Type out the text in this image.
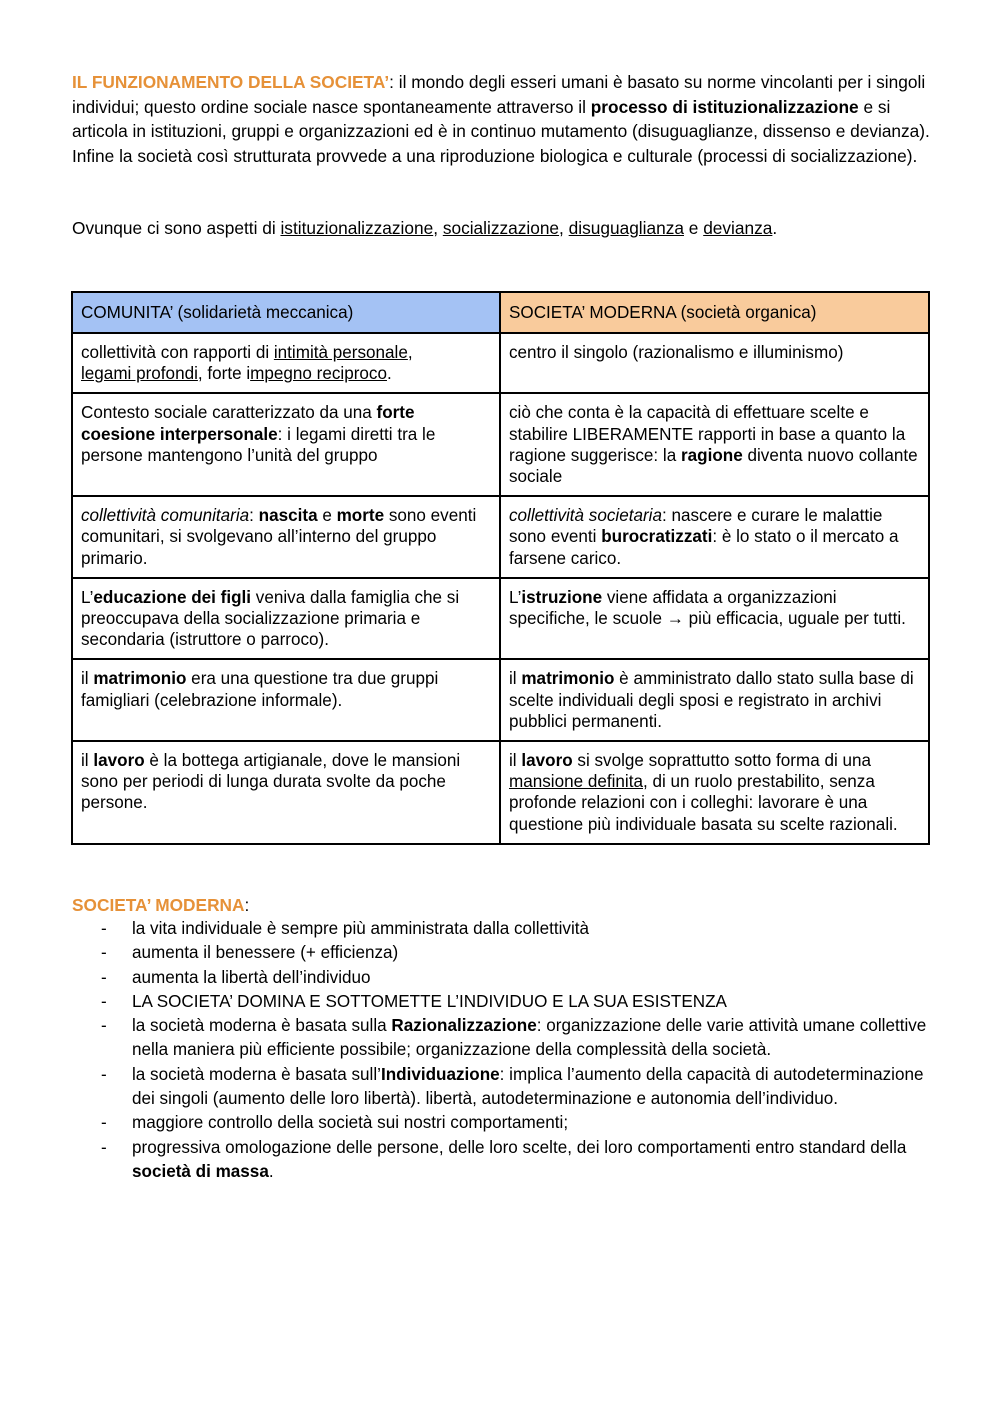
IL FUNZIONAMENTO DELLA SOCIETA’: il mondo degli esseri umani è basato su norme vincolanti per i singoli individui; questo ordine sociale nasce spontaneamente attraverso il processo di istituzionalizzazione e si articola in istituzioni, gruppi e organizzazioni ed è in continuo mutamento (disuguaglianze, dissenso e devianza). Infine la società così strutturata provvede a una riproduzione biologica e culturale (processi di socializzazione).

Ovunque ci sono aspetti di istituzionalizzazione, socializzazione, disuguaglianza e devianza.

COMUNITA’ (solidarietà meccanica)	SOCIETA’ MODERNA (società organica)
collettività con rapporti di intimità personale,
legami profondi, forte impegno reciproco.	centro il singolo (razionalismo e illuminismo)
Contesto sociale caratterizzato da una forte coesione interpersonale: i legami diretti tra le persone mantengono l’unità del gruppo	ciò che conta è la capacità di effettuare scelte e stabilire LIBERAMENTE rapporti in base a quanto la ragione suggerisce: la ragione diventa nuovo collante sociale
collettività comunitaria: nascita e morte sono eventi comunitari, si svolgevano all’interno del gruppo primario.	collettività societaria: nascere e curare le malattie sono eventi burocratizzati: è lo stato o il mercato a farsene carico.
L’educazione dei figli veniva dalla famiglia che si preoccupava della socializzazione primaria e secondaria (istruttore o parroco).	L’istruzione viene affidata a organizzazioni specifiche, le scuole → più efficacia, uguale per tutti.
il matrimonio era una questione tra due gruppi famigliari (celebrazione informale).	il matrimonio è amministrato dallo stato sulla base di scelte individuali degli sposi e registrato in archivi pubblici permanenti.
il lavoro è la bottega artigianale, dove le mansioni sono per periodi di lunga durata svolte da poche persone.	il lavoro si svolge soprattutto sotto forma di una mansione definita, di un ruolo prestabilito, senza profonde relazioni con i colleghi: lavorare è una questione più individuale basata su scelte razionali.

SOCIETA’ MODERNA:

- la vita individuale è sempre più amministrata dalla collettività
- aumenta il benessere (+ efficienza)
- aumenta la libertà dell’individuo
- LA SOCIETA’ DOMINA E SOTTOMETTE L’INDIVIDUO E LA SUA ESISTENZA
- la società moderna è basata sulla Razionalizzazione: organizzazione delle varie attività umane collettive nella maniera più efficiente possibile; organizzazione della complessità della società.
- la società moderna è basata sull’Individuazione: implica l’aumento della capacità di autodeterminazione dei singoli (aumento delle loro libertà). libertà, autodeterminazione e autonomia dell’individuo.
- maggiore controllo della società sui nostri comportamenti;
- progressiva omologazione delle persone, delle loro scelte, dei loro comportamenti entro standard della società di massa.
